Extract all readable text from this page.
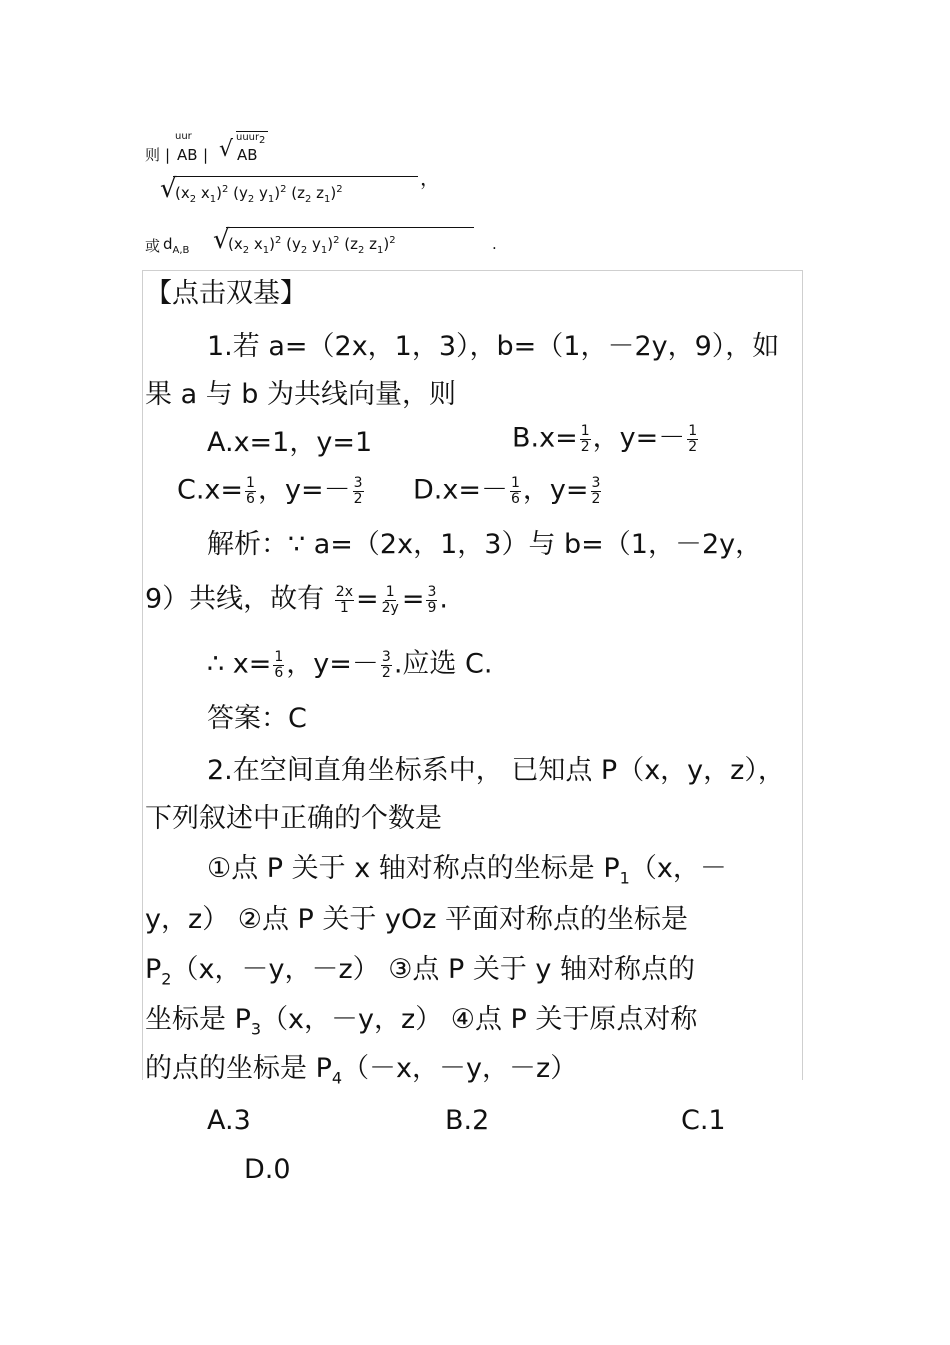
则
uur
| AB | √ uuur 2
AB
√
($x_2$ $x_1)^2$ ($y_2$ $y_1)^2$ ($z_2$ $z_1)^2$	，
或 $d_{A,B}$ √
($x_2$ $x_1)^2$ ($y_2$ $y_1)^2$ ($z_2$ $z_1)^2$	.
【点击双基】
1.若 a=（2x，1，3），b=（1，－2y，9），如
果 a 与 b 为共线向量，则
A.x=1，y=1	$B.x= \frac{1}{2}$ ，$y=- \frac{1}{2}$
$C.x= \frac{1}{6}$ ，$y=- \frac{3}{2} D.x=- \frac{1}{6}$ ，$y= \frac{3}{2}$
解析：∵ a=（2x，1，3）与 b=（1，－2y，
9）共线，故有 $\frac{2x}{1} = \frac{1}{2y} = \frac{3}{9}$ .
∴ $x= \frac{1}{6}$ ，$y=- \frac{3}{2}$ .应选 C.
答案：C
2.在空间直角坐标系中， 已知点 P（x，y，z），
下列叙述中正确的个数是
①点 P 关于 x 轴对称点的坐标是 $P_1(x$，－
y，z） ②点 P 关于 yOz 平面对称点的坐标是
$P_2(x$，－y，－z） ③点 P 关于 y 轴对称点的
坐标是 $P_3(x$，－y，z） ④点 P 关于原点对称
的点的坐标是 $P_4(-x$，－y，－z）
A.3	B.2	C.1
D.0
